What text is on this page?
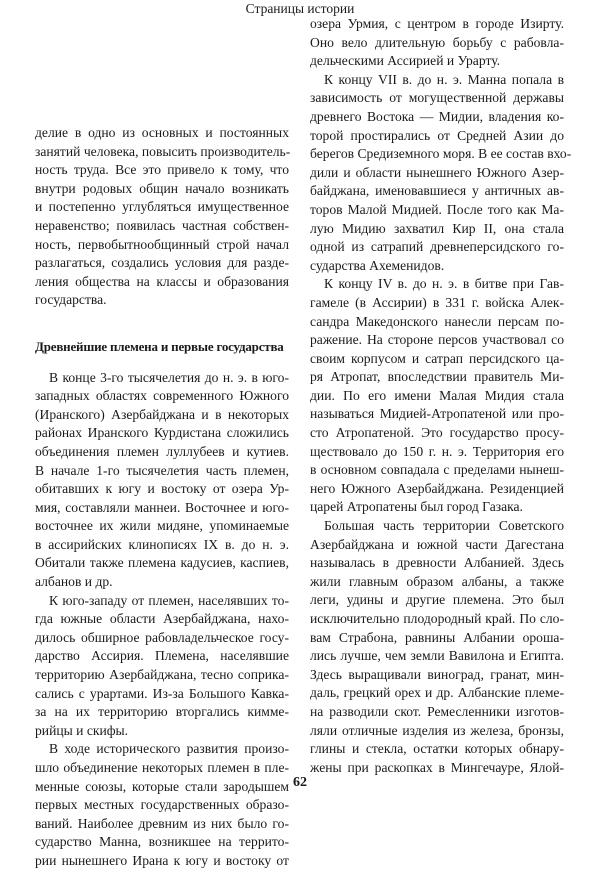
Страницы истории
делие в одно из основных и постоянных
занятий человека, повысить производитель-
ность труда. Все это привело к тому, что
внутри родовых общин начало возникать
и постепенно углубляться имущественное
неравенство; появилась частная собствен-
ность, первобытнообщинный строй начал
разлагаться, создались условия для разде-
ления общества на классы и образования
государства.
Древнейшие племена и первые государства
В конце 3-го тысячелетия до н. э. в юго-
западных областях современного Южного
(Иранского) Азербайджана и в некоторых
районах Иранского Курдистана сложились
объединения племен луллубеев и кутиев.
В начале 1-го тысячелетия часть племен,
обитавших к югу и востоку от озера Ур-
мия, составляли маннеи. Восточнее и юго-
восточнее их жили мидяне, упоминаемые
в ассирийских клинописях IX в. до н. э.
Обитали также племена кадусиев, каспиев,
албанов и др.
К юго-западу от племен, населявших то-
гда южные области Азербайджана, нахо-
дилось обширное рабовладельческое госу-
дарство Ассирия. Племена, населявшие
территорию Азербайджана, тесно соприка-
сались с урартами. Из-за Большого Кавка-
за на их территорию вторгались кимме-
рийцы и скифы.
В ходе исторического развития произо-
шло объединение некоторых племен в пле-
менные союзы, которые стали зародышем
первых местных государственных образо-
ваний. Наиболее древним из них было го-
сударство Манна, возникшее на террито-
рии нынешнего Ирана к югу и востоку от
озера Урмия, с центром в городе Изирту.
Оно вело длительную борьбу с рабовла-
дельческими Ассирией и Урарту.
К концу VII в. до н. э. Манна попала в
зависимость от могущественной державы
древнего Востока — Мидии, владения ко-
торой простирались от Средней Азии до
берегов Средиземного моря. В ее состав вхо-
дили и области нынешнего Южного Азер-
байджана, именовавшиеся у античных ав-
торов Малой Мидией. После того как Ма-
лую Мидию захватил Кир II, она стала
одной из сатрапий древнеперсидского го-
сударства Ахеменидов.
К концу IV в. до н. э. в битве при Гав-
гамеле (в Ассирии) в 331 г. войска Алек-
сандра Македонского нанесли персам по-
ражение. На стороне персов участвовал со
своим корпусом и сатрап персидского ца-
ря Атропат, впоследствии правитель Ми-
дии. По его имени Малая Мидия стала
называться Мидией-Атропатеной или про-
сто Атропатеной. Это государство просу-
ществовало до 150 г. н. э. Территория его
в основном совпадала с пределами нынеш-
него Южного Азербайджана. Резиденцией
царей Атропатены был город Газака.
Большая часть территории Советского
Азербайджана и южной части Дагестана
называлась в древности Албанией. Здесь
жили главным образом албаны, а также
леги, удины и другие племена. Это был
исключительно плодородный край. По сло-
вам Страбона, равнины Албании ороша-
лись лучше, чем земли Вавилона и Египта.
Здесь выращивали виноград, гранат, мин-
даль, грецкий орех и др. Албанские племе-
на разводили скот. Ремесленники изготов-
ляли отличные изделия из железа, бронзы,
глины и стекла, остатки которых обнару-
жены при раскопках в Мингечауре, Ялой-
62
